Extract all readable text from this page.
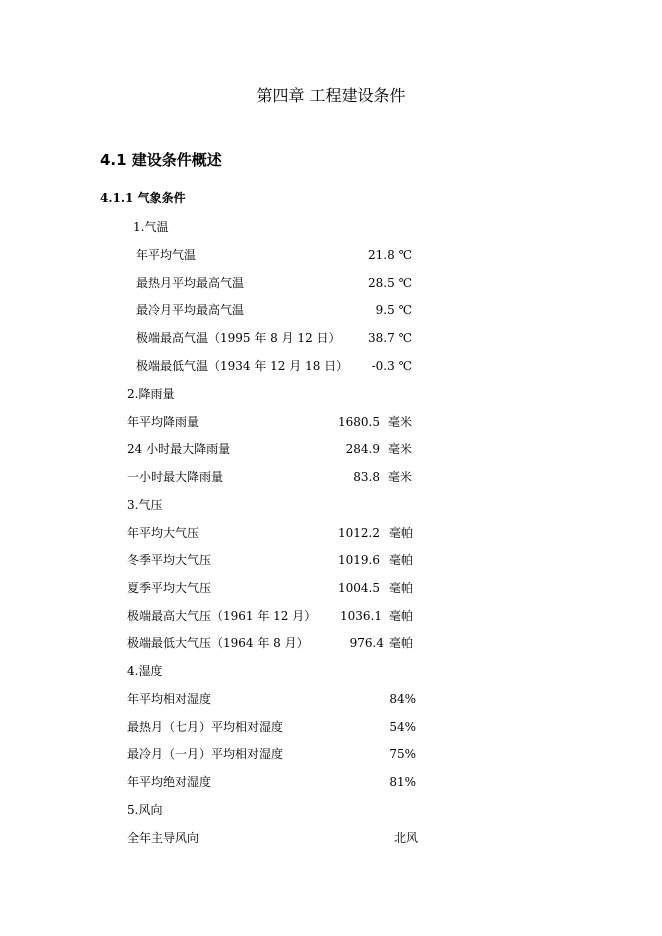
第四章 工程建设条件
4.1 建设条件概述
4.1.1 气象条件
1.气温
年平均气温	21.8 ℃
最热月平均最高气温	28.5 ℃
最冷月平均最高气温	9.5 ℃
极端最高气温（1995 年 8 月 12 日）	38.7 ℃
极端最低气温（1934 年 12 月 18 日）	-0.3 ℃
2.降雨量
年平均降雨量	1680.5 毫米
24 小时最大降雨量	284.9 毫米
一小时最大降雨量	83.8 毫米
3.气压
年平均大气压	1012.2 毫帕
冬季平均大气压	1019.6 毫帕
夏季平均大气压	1004.5 毫帕
极端最高大气压（1961 年 12 月）	1036.1 毫帕
极端最低大气压（1964 年 8 月）	976.4 毫帕
4.湿度
年平均相对湿度	84%
最热月（七月）平均相对湿度	54%
最冷月（一月）平均相对湿度	75%
年平均绝对湿度	81%
5.风向
全年主导风向	北风
